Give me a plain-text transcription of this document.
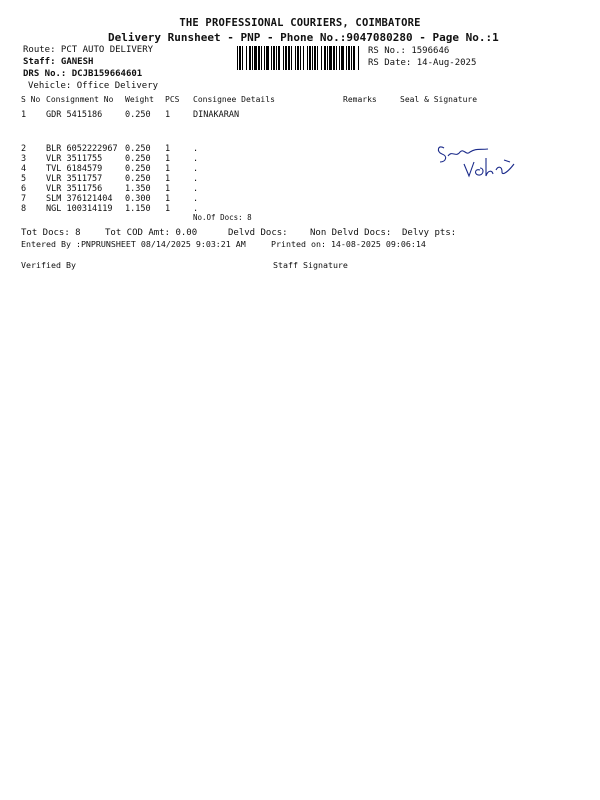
THE PROFESSIONAL COURIERS, COIMBATORE
Delivery Runsheet - PNP - Phone No.:9047080280 - Page No.:1
Route: PCT AUTO DELIVERY
Staff: GANESH
DRS No.: DCJB159664601
Vehicle: Office Delivery
RS No.: 1596646
RS Date: 14-Aug-2025
S No Consignment No Weight PCS Consignee Details	Remarks	Seal & Signature
1 GDR 5415186	0.250 1	DINAKARAN
2 BLR 6052222967 0.250 1	.
3 VLR 3511755	0.250 1	.
4 TVL 6184579	0.250 1	.
5 VLR 3511757	0.250 1	.
6 VLR 3511756	1.350 1	.
7 SLM 376121404 0.300 1	.
8 NGL 100314119 1.150 1	.
No.Of Docs: 8
Tot Docs: 8	Tot COD Amt: 0.00	Delvd Docs: Non Delvd Docs: Delvy pts:
Entered By :PNPRUNSHEET 08/14/2025 9:03:21 AM	Printed on: 14-08-2025 09:06:14
Verified By	Staff Signature
